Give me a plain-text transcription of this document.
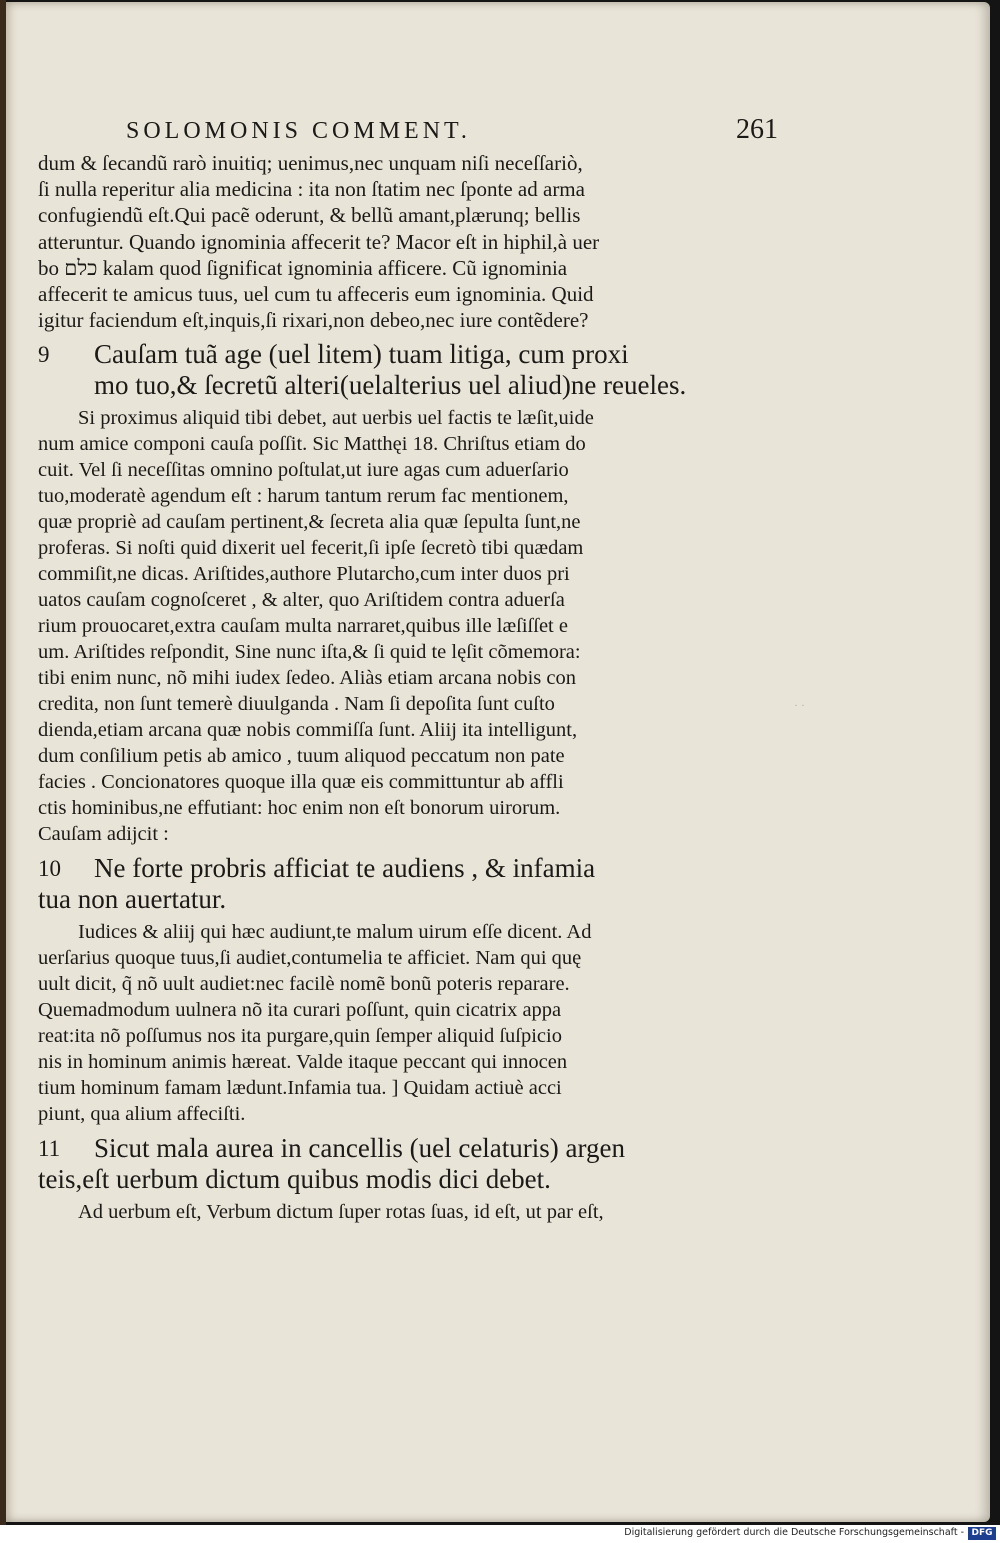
SOLOMONIS COMMENT.	261
dum & ſecandũ rarò inuitiq; uenimus,nec unquam niſi neceſſariò,
ſi nulla reperitur alia medicina : ita non ſtatim nec ſponte ad arma
confugiendũ eſt.Qui pacẽ oderunt, & bellũ amant,plærunq; bellis
atteruntur. Quando ignominia affecerit te? Macor eſt in hiphil,à uer
bo כלם kalam quod ſignificat ignominia afficere. Cũ ignominia
affecerit te amicus tuus, uel cum tu affeceris eum ignominia. Quid
igitur faciendum eſt,inquis,ſi rixari,non debeo,nec iure contẽdere?
9	Cauſam tuã age (uel litem) tuam litiga, cum proxi
mo tuo,& ſecretũ alteri(uelalterius uel aliud)ne reueles.
Si proximus aliquid tibi debet, aut uerbis uel factis te læſit,uide
num amice componi cauſa poſſit. Sic Matthęi 18. Chriſtus etiam do
cuit. Vel ſi neceſſitas omnino poſtulat,ut iure agas cum aduerſario
tuo,moderatè agendum eſt : harum tantum rerum fac mentionem,
quæ propriè ad cauſam pertinent,& ſecreta alia quæ ſepulta ſunt,ne
proferas. Si noſti quid dixerit uel fecerit,ſi ipſe ſecretò tibi quædam
commiſit,ne dicas. Ariſtides,authore Plutarcho,cum inter duos pri
uatos cauſam cognoſceret , & alter, quo Ariſtidem contra aduerſa
rium prouocaret,extra cauſam multa narraret,quibus ille læſiſſet e
um. Ariſtides reſpondit, Sine nunc iſta,& ſi quid te lęſit cõmemora:
tibi enim nunc, nõ mihi iudex ſedeo. Aliàs etiam arcana nobis con
credita, non ſunt temerè diuulganda . Nam ſi depoſita ſunt cuſto
dienda,etiam arcana quæ nobis commiſſa ſunt. Aliĳ ita intelligunt,
dum conſilium petis ab amico , tuum aliquod peccatum non pate
facies . Concionatores quoque illa quæ eis committuntur ab affli
ctis hominibus,ne effutiant: hoc enim non eſt bonorum uirorum.
Cauſam adĳcit :
10	Ne forte probris afficiat te audiens , & infamia
tua non auertatur.
Iudices & aliĳ qui hæc audiunt,te malum uirum eſſe dicent. Ad
uerſarius quoque tuus,ſi audiet,contumelia te afficiet. Nam qui quę
uult dicit, q̃ nõ uult audiet:nec facilè nomẽ bonũ poteris reparare.
Quemadmodum uulnera nõ ita curari poſſunt, quin cicatrix appa
reat:ita nõ poſſumus nos ita purgare,quin ſemper aliquid ſuſpicio
nis in hominum animis hæreat. Valde itaque peccant qui innocen
tium hominum famam lædunt.Infamia tua. ] Quidam actiuè acci
piunt, qua alium affeciſti.
11	Sicut mala aurea in cancellis (uel celaturis) argen
teis,eſt uerbum dictum quibus modis dici debet.
Ad uerbum eſt, Verbum dictum ſuper rotas ſuas, id eſt, ut par eſt,
· ·
Digitalisierung gefördert durch die Deutsche Forschungsgemeinschaft - DFG
